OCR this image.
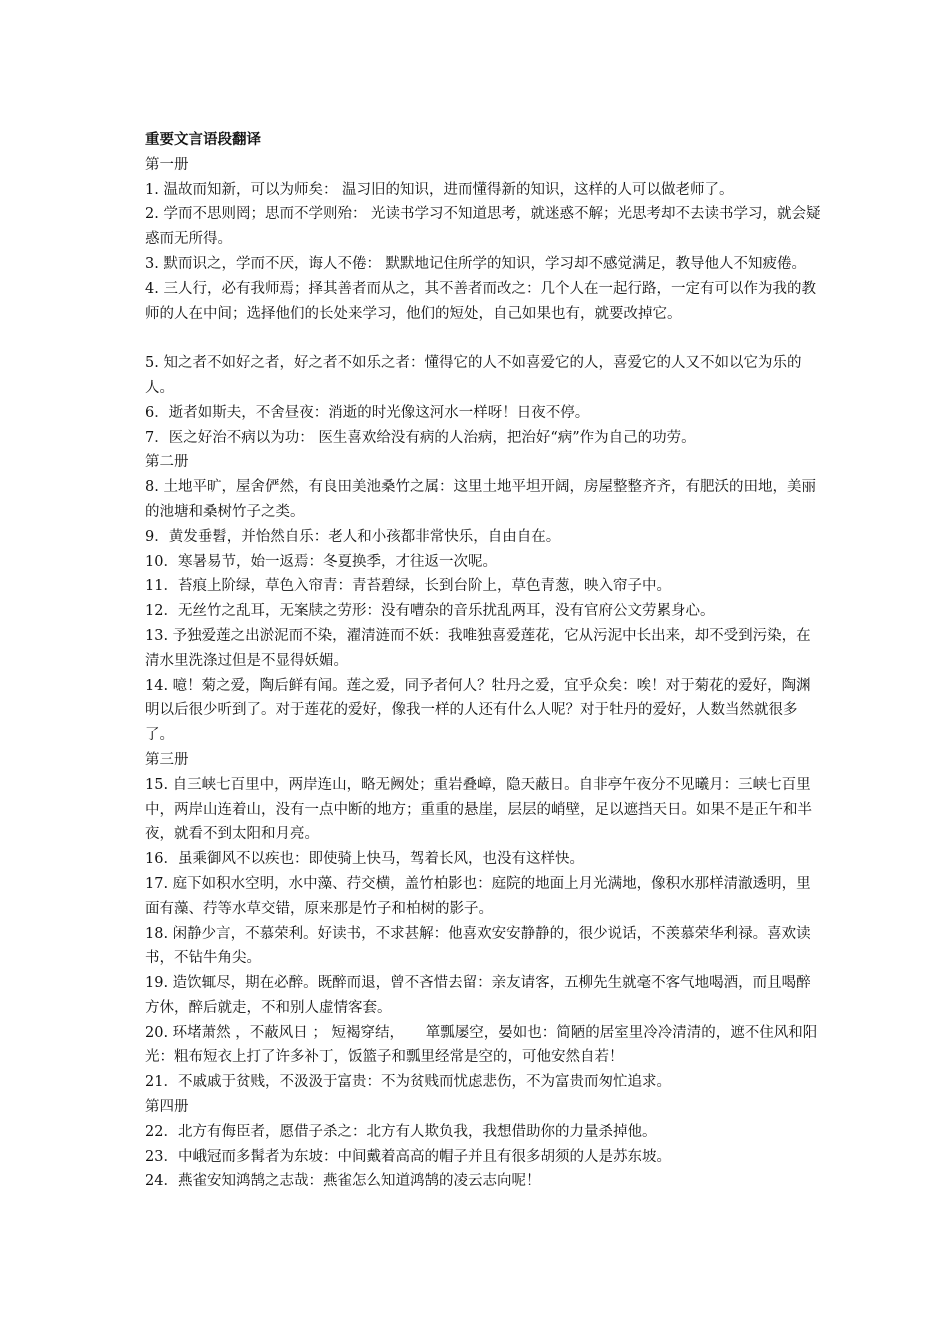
重要文言语段翻译

第一册

1. 温故而知新，可以为师矣： 温习旧的知识，进而懂得新的知识，这样的人可以做老师了。

2. 学而不思则罔；思而不学则殆： 光读书学习不知道思考，就迷惑不解；光思考却不去读书学习，就会疑惑而无所得。

3. 默而识之，学而不厌，诲人不倦： 默默地记住所学的知识，学习却不感觉满足，教导他人不知疲倦。

4. 三人行，必有我师焉；择其善者而从之，其不善者而改之：几个人在一起行路，一定有可以作为我的教师的人在中间；选择他们的长处来学习，他们的短处，自己如果也有，就要改掉它。

5. 知之者不如好之者，好之者不如乐之者：懂得它的人不如喜爱它的人，喜爱它的人又不如以它为乐的人。

6．逝者如斯夫，不舍昼夜：消逝的时光像这河水一样呀！日夜不停。

7．医之好治不病以为功： 医生喜欢给没有病的人治病，把治好“病”作为自己的功劳。

第二册

8. 土地平旷，屋舍俨然，有良田美池桑竹之属：这里土地平坦开阔，房屋整整齐齐，有肥沃的田地，美丽的池塘和桑树竹子之类。

9．黄发垂髫，并怡然自乐：老人和小孩都非常快乐，自由自在。

10．寒暑易节，始一返焉：冬夏换季，才往返一次呢。

11．苔痕上阶绿，草色入帘青：青苔碧绿，长到台阶上，草色青葱，映入帘子中。

12．无丝竹之乱耳，无案牍之劳形：没有嘈杂的音乐扰乱两耳，没有官府公文劳累身心。

13. 予独爱莲之出淤泥而不染，濯清涟而不妖：我唯独喜爱莲花，它从污泥中长出来，却不受到污染，在清水里洗涤过但是不显得妖媚。

14. 噫！菊之爱，陶后鲜有闻。莲之爱，同予者何人？牡丹之爱，宜乎众矣：唉！对于菊花的爱好，陶渊明以后很少听到了。对于莲花的爱好，像我一样的人还有什么人呢？对于牡丹的爱好，人数当然就很多了。

第三册

15. 自三峡七百里中，两岸连山，略无阙处；重岩叠嶂，隐天蔽日。自非亭午夜分不见曦月：三峡七百里中，两岸山连着山，没有一点中断的地方；重重的悬崖，层层的峭壁，足以遮挡天日。如果不是正午和半夜，就看不到太阳和月亮。

16．虽乘御风不以疾也：即使骑上快马，驾着长风，也没有这样快。

17. 庭下如积水空明，水中藻、荇交横，盖竹柏影也：庭院的地面上月光满地，像积水那样清澈透明，里面有藻、荇等水草交错，原来那是竹子和柏树的影子。

18. 闲静少言，不慕荣利。好读书，不求甚解：他喜欢安安静静的，很少说话，不羡慕荣华利禄。喜欢读书，不钻牛角尖。

19. 造饮辄尽，期在必醉。既醉而退，曾不吝惜去留：亲友请客，五柳先生就毫不客气地喝酒，而且喝醉方休，醉后就走，不和别人虚情客套。

20. 环堵萧然 ，不蔽风日 ； 短褐穿结，　　箪瓢屡空，晏如也：简陋的居室里冷冷清清的，遮不住风和阳光：粗布短衣上打了许多补丁，饭篮子和瓢里经常是空的，可他安然自若！

21．不戚戚于贫贱，不汲汲于富贵：不为贫贱而忧虑悲伤，不为富贵而匆忙追求。

第四册

22．北方有侮臣者，愿借子杀之：北方有人欺负我，我想借助你的力量杀掉他。

23．中峨冠而多髯者为东坡：中间戴着高高的帽子并且有很多胡须的人是苏东坡。

24．燕雀安知鸿鹄之志哉：燕雀怎么知道鸿鹄的凌云志向呢！
